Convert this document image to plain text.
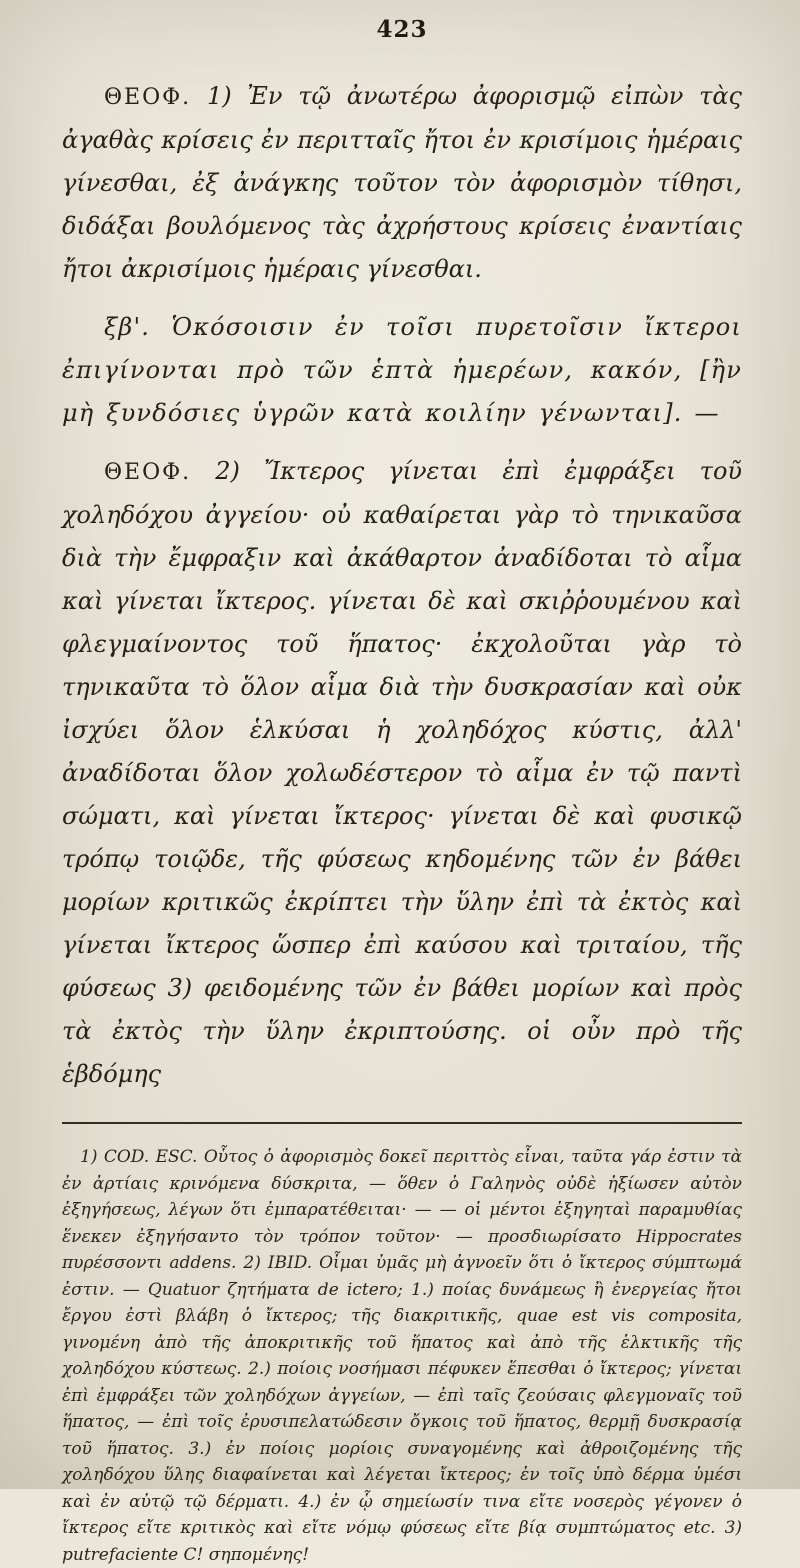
423

ΘΕΟΦ. 1) Ἐν τῷ ἀνωτέρω ἀφορισμῷ εἰπὼν τὰς ἀγαθὰς κρίσεις ἐν περιτταῖς ἤτοι ἐν κρισίμοις ἡμέραις γίνεσθαι, ἐξ ἀνάγκης τοῦτον τὸν ἀφορισμὸν τίθησι, διδάξαι βουλόμενος τὰς ἀχρήστους κρίσεις ἐναντίαις ἤτοι ἀκρισίμοις ἡμέραις γίνεσθαι.

ξβ'. Ὁκόσοισιν ἐν τοῖσι πυρετοῖσιν ἴκτεροι ἐπιγίνονται πρὸ τῶν ἑπτὰ ἡμερέων, κακόν, [ἢν μὴ ξυνδόσιες ὑγρῶν κατὰ κοιλίην γένωνται]. —

ΘΕΟΦ. 2) Ἴκτερος γίνεται ἐπὶ ἐμφράξει τοῦ χοληδόχου ἀγγείου· οὐ καθαίρεται γὰρ τὸ τηνικαῦσα διὰ τὴν ἔμφραξιν καὶ ἀκάθαρτον ἀναδίδοται τὸ αἷμα καὶ γίνεται ἴκτερος. γίνεται δὲ καὶ σκιῤῥουμένου καὶ φλεγμαίνοντος τοῦ ἥπατος· ἐκχολοῦται γὰρ τὸ τηνικαῦτα τὸ ὅλον αἷμα διὰ τὴν δυσκρασίαν καὶ οὐκ ἰσχύει ὅλον ἑλκύσαι ἡ χοληδόχος κύστις, ἀλλ' ἀναδίδοται ὅλον χολωδέστερον τὸ αἷμα ἐν τῷ παντὶ σώματι, καὶ γίνεται ἴκτερος· γίνεται δὲ καὶ φυσικῷ τρόπῳ τοιῷδε, τῆς φύσεως κηδομένης τῶν ἐν βάθει μορίων κριτικῶς ἐκρίπτει τὴν ὕλην ἐπὶ τὰ ἐκτὸς καὶ γίνεται ἴκτερος ὥσπερ ἐπὶ καύσου καὶ τριταίου, τῆς φύσεως 3) φειδομένης τῶν ἐν βάθει μορίων καὶ πρὸς τὰ ἐκτὸς τὴν ὕλην ἐκριπτούσης. οἱ οὖν πρὸ τῆς ἑβδόμης

1) COD. ESC. Οὗτος ὁ ἀφορισμὸς δοκεῖ περιττὸς εἶναι, ταῦτα γάρ ἐστιν τὰ ἐν ἀρτίαις κρινόμενα δύσκριτα, — ὅθεν ὁ Γαληνὸς οὐδὲ ἠξίωσεν αὐτὸν ἐξηγήσεως, λέγων ὅτι ἐμπαρατέθειται· — — οἱ μέντοι ἐξηγηταὶ παραμυθίας ἕνεκεν ἐξηγήσαντο τὸν τρόπον τοῦτον· — προσδιωρίσατο Hippocrates πυρέσσοντι addens. 2) IBID. Οἶμαι ὑμᾶς μὴ ἀγνοεῖν ὅτι ὁ ἴκτερος σύμπτωμά ἐστιν. — Quatuor ζητήματα de ictero; 1.) ποίας δυνάμεως ἢ ἐνεργείας ἤτοι ἔργου ἐστὶ βλάβη ὁ ἴκτερος; τῆς διακριτικῆς, quae est vis composita, γινομένη ἀπὸ τῆς ἀποκριτικῆς τοῦ ἥπατος καὶ ἀπὸ τῆς ἑλκτικῆς τῆς χοληδόχου κύστεως. 2.) ποίοις νοσήμασι πέφυκεν ἕπεσθαι ὁ ἴκτερος; γίνεται ἐπὶ ἐμφράξει τῶν χοληδόχων ἀγγείων, — ἐπὶ ταῖς ζεούσαις φλεγμοναῖς τοῦ ἥπατος, — ἐπὶ τοῖς ἐρυσιπελατώδεσιν ὄγκοις τοῦ ἥπατος, θερμῇ δυσκρασίᾳ τοῦ ἥπατος. 3.) ἐν ποίοις μορίοις συναγομένης καὶ ἀθροιζομένης τῆς χοληδόχου ὕλης διαφαίνεται καὶ λέγεται ἴκτερος; ἐν τοῖς ὑπὸ δέρμα ὑμέσι καὶ ἐν αὐτῷ τῷ δέρματι. 4.) ἐν ᾧ σημείωσίν τινα εἴτε νοσερὸς γέγονεν ὁ ἴκτερος εἴτε κριτικὸς καὶ εἴτε νόμῳ φύσεως εἴτε βίᾳ συμπτώματος etc. 3) putrefaciente C! σηπομένης!
